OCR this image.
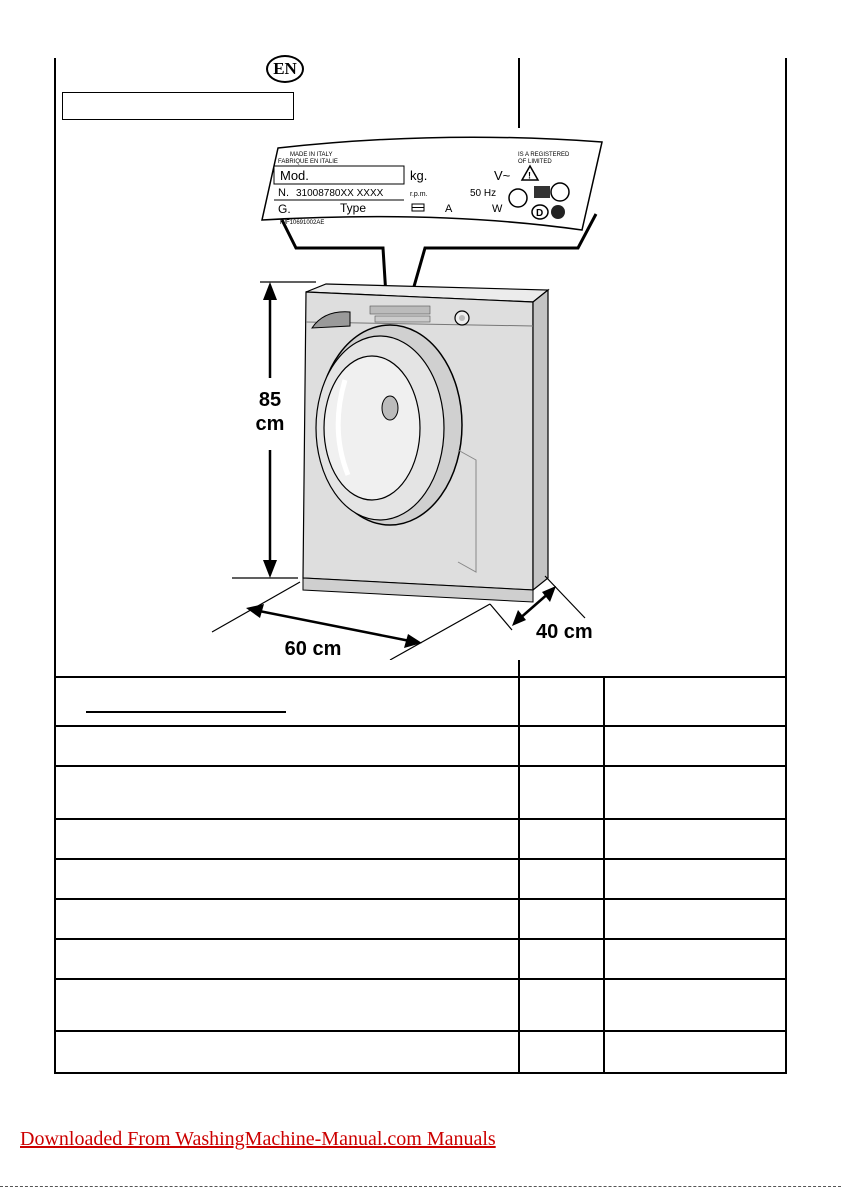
EN
MADE IN ITALY
FABRIQUE EN ITALIE
IS A REGISTERED
OF LIMITED
Mod.	kg.	V~ !
N. 31008780XX XXXX	r.p.m.	50 Hz
D
G.	Type	A	W
RIF10691002AE
85
cm
60 cm
40 cm
Downloaded From WashingMachine-Manual.com Manuals
